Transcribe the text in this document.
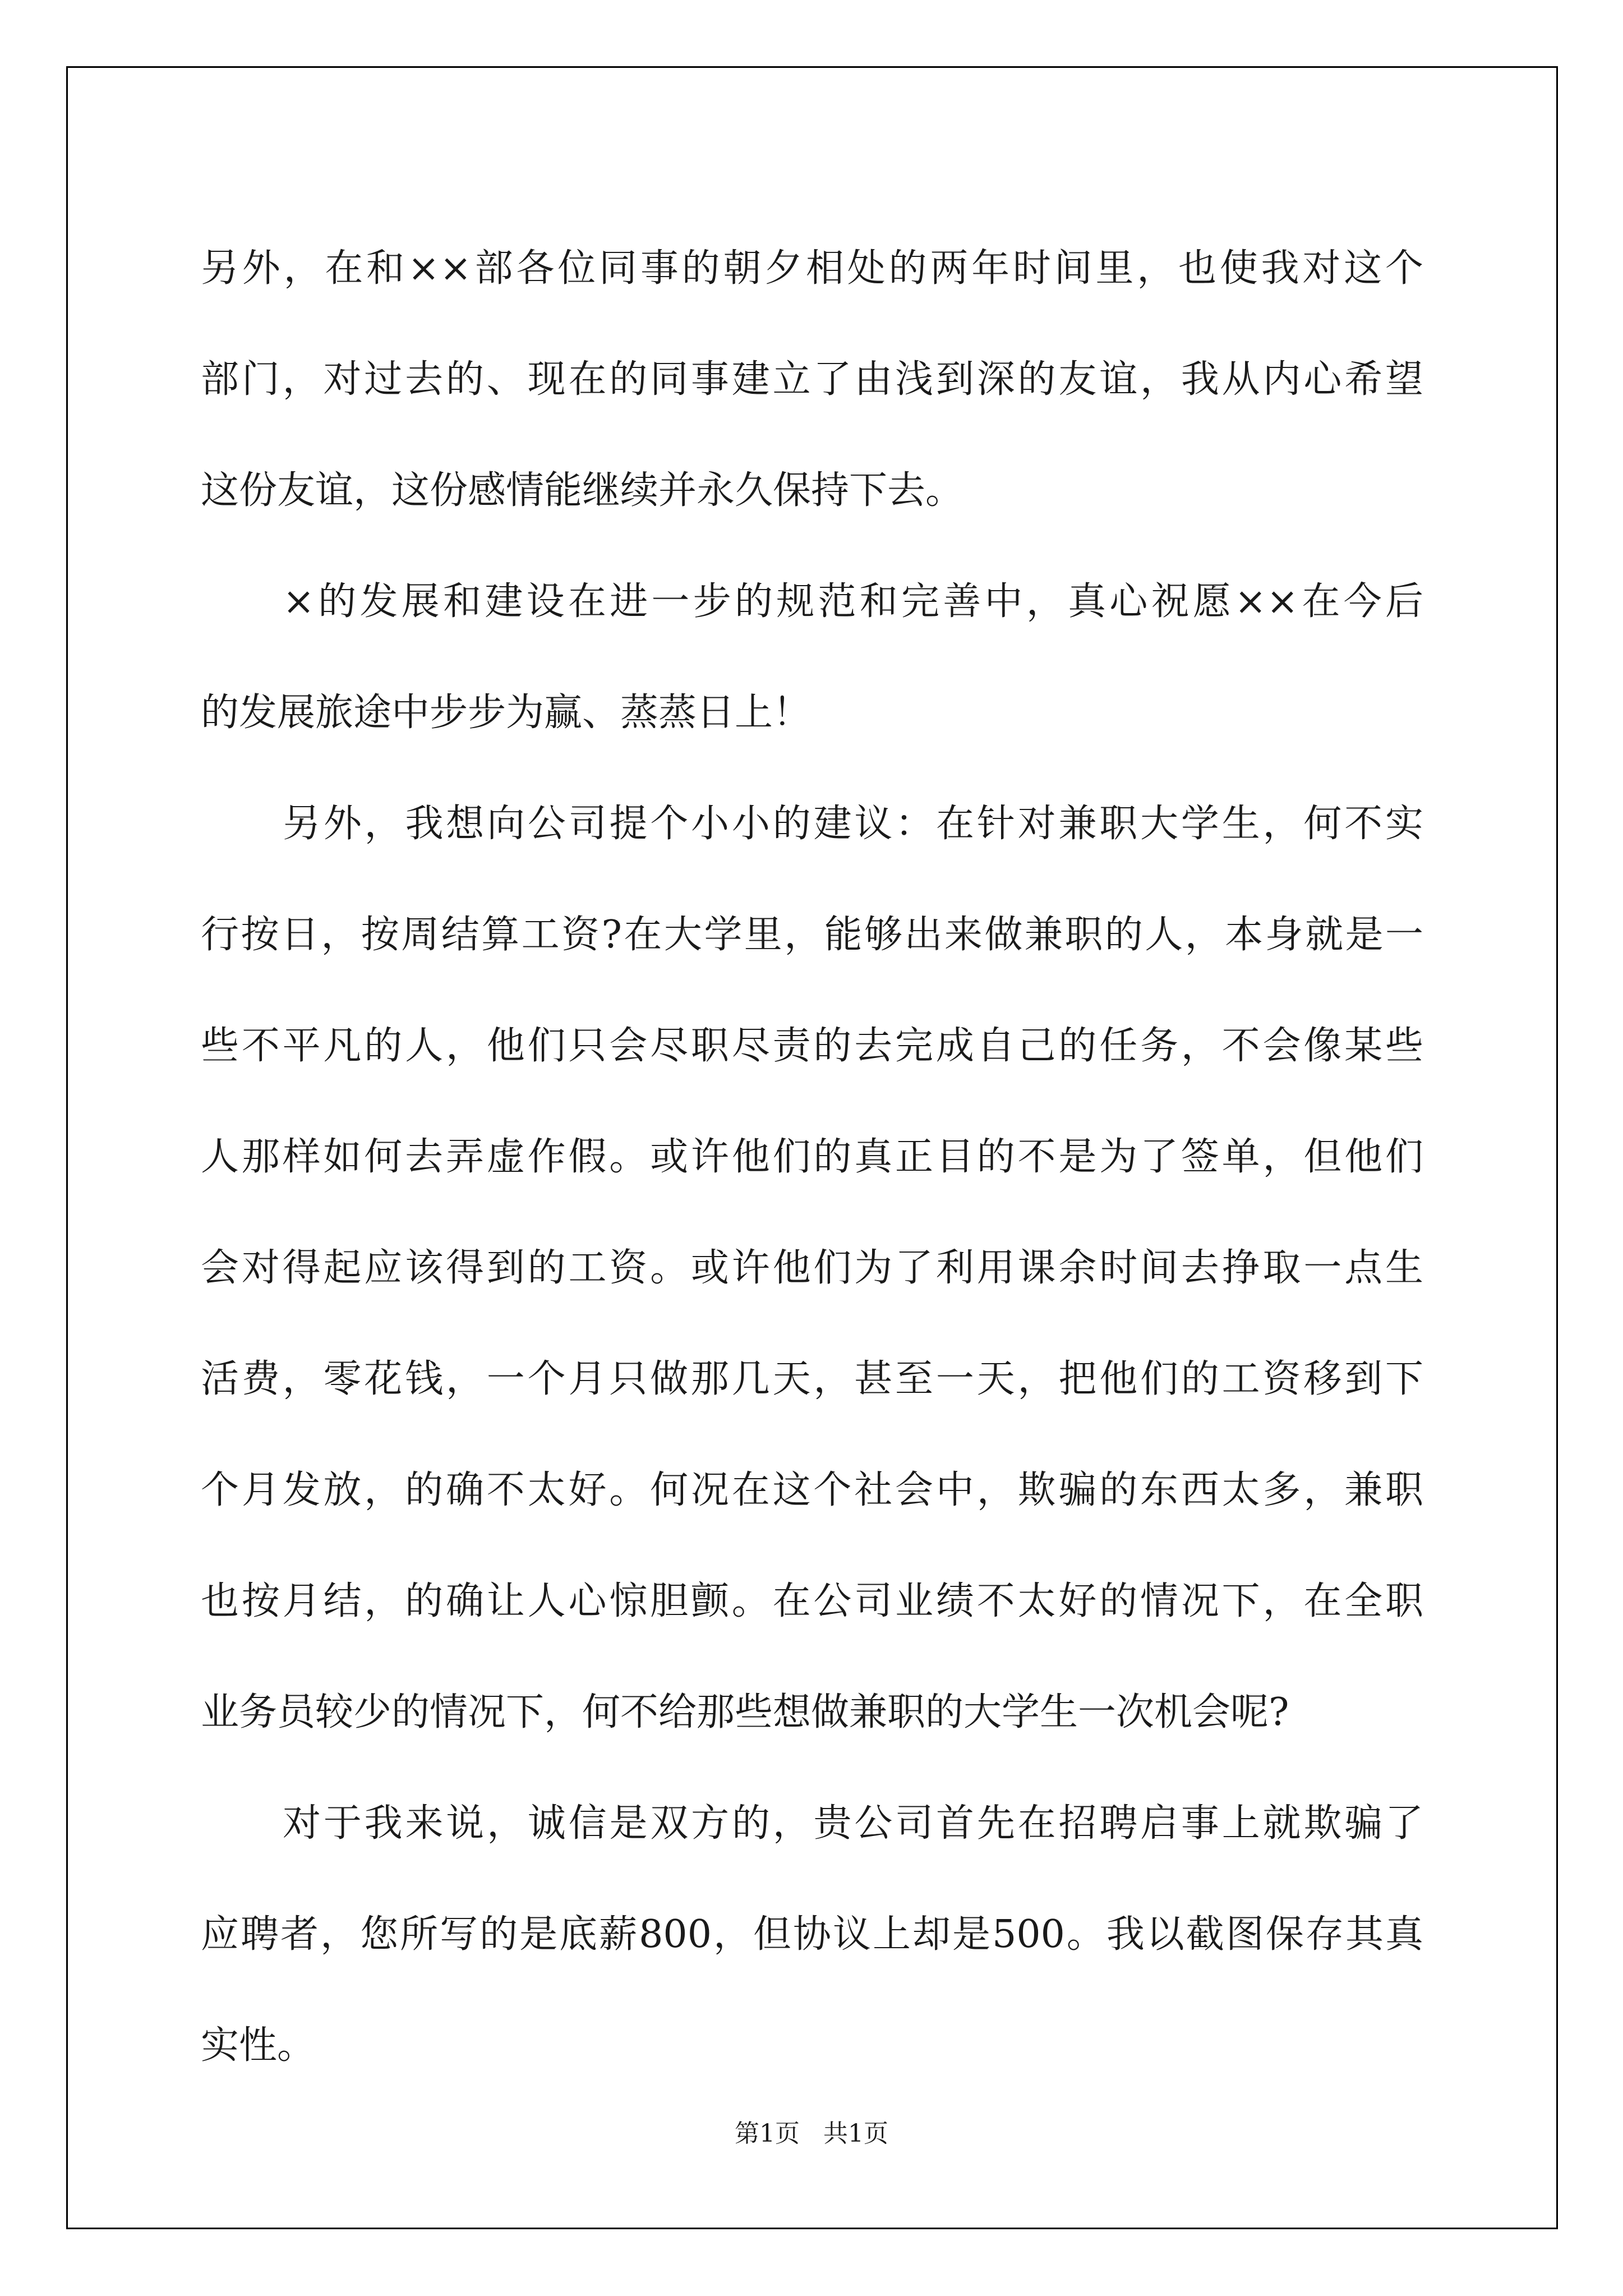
另外，在和××部各位同事的朝夕相处的两年时间里，也使我对这个
部门，对过去的、现在的同事建立了由浅到深的友谊，我从内心希望
这份友谊，这份感情能继续并永久保持下去。
×的发展和建设在进一步的规范和完善中，真心祝愿××在今后
的发展旅途中步步为赢、蒸蒸日上！
另外，我想向公司提个小小的建议：在针对兼职大学生，何不实
行按日，按周结算工资?在大学里，能够出来做兼职的人，本身就是一
些不平凡的人，他们只会尽职尽责的去完成自己的任务，不会像某些
人那样如何去弄虚作假。或许他们的真正目的不是为了签单，但他们
会对得起应该得到的工资。或许他们为了利用课余时间去挣取一点生
活费，零花钱，一个月只做那几天，甚至一天，把他们的工资移到下
个月发放，的确不太好。何况在这个社会中，欺骗的东西太多，兼职
也按月结，的确让人心惊胆颤。在公司业绩不太好的情况下，在全职
业务员较少的情况下，何不给那些想做兼职的大学生一次机会呢?
对于我来说，诚信是双方的，贵公司首先在招聘启事上就欺骗了
应聘者，您所写的是底薪800，但协议上却是500。我以截图保存其真
实性。
第1页   共1页
